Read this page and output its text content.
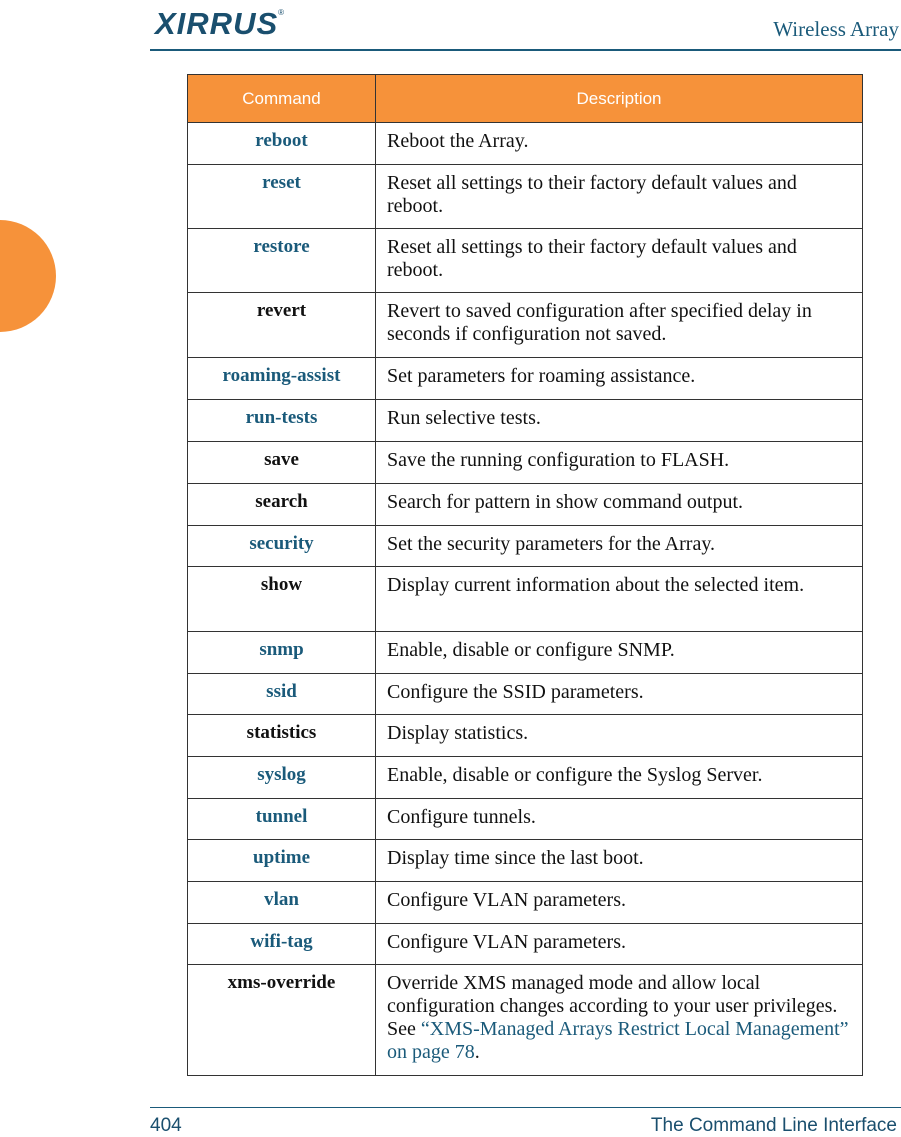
XIRRUS®
Wireless Array
Command	Description
reboot	Reboot the Array.
reset	Reset all settings to their factory default values and reboot.
restore	Reset all settings to their factory default values and reboot.
revert	Revert to saved configuration after specified delay in seconds if configuration not saved.
roaming-assist	Set parameters for roaming assistance.
run-tests	Run selective tests.
save	Save the running configuration to FLASH.
search	Search for pattern in show command output.
security	Set the security parameters for the Array.
show	Display current information about the selected item.
snmp	Enable, disable or configure SNMP.
ssid	Configure the SSID parameters.
statistics	Display statistics.
syslog	Enable, disable or configure the Syslog Server.
tunnel	Configure tunnels.
uptime	Display time since the last boot.
vlan	Configure VLAN parameters.
wifi-tag	Configure VLAN parameters.
xms-override	Override XMS managed mode and allow local configuration changes according to your user privileges. See “XMS-Managed Arrays Restrict Local Management” on page 78.
404	The Command Line Interface
